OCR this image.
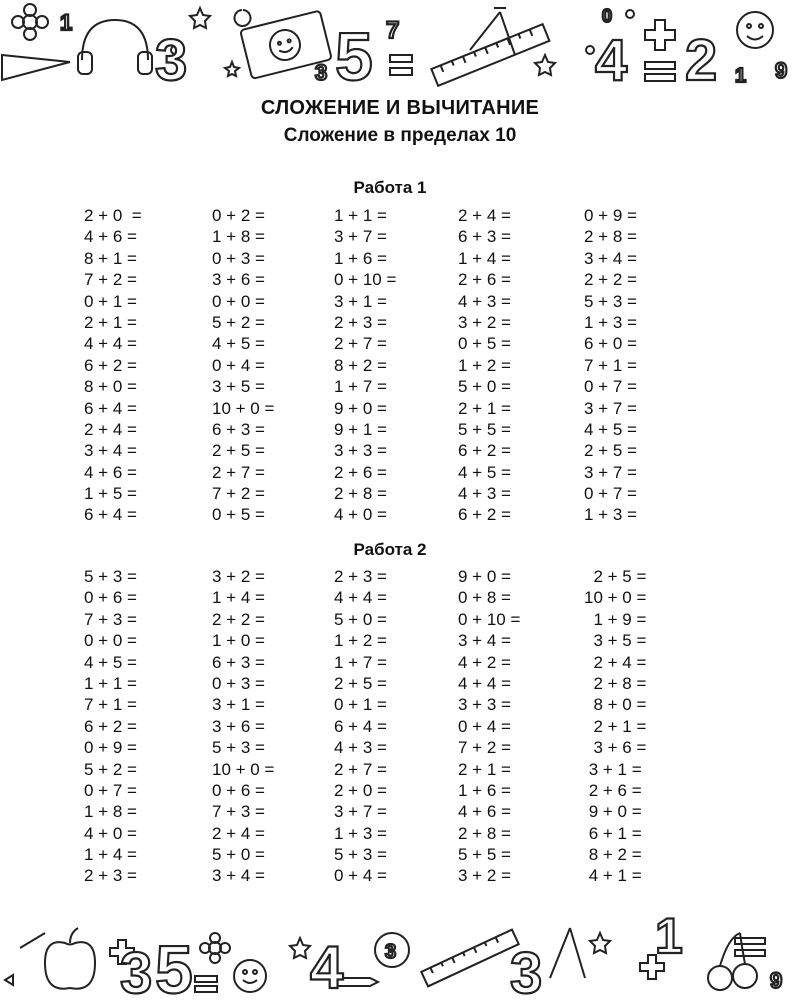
1
3 5 7	4 2
3
0
1 9
СЛОЖЕНИЕ И ВЫЧИТАНИЕ
Сложение в пределах 10
Работа 1
2 + 0  =	0 + 2 =	1 + 1 =	2 + 4 =	0 + 9 =
4 + 6 =	1 + 8 =	3 + 7 =	6 + 3 =	2 + 8 =
8 + 1 =	0 + 3 =	1 + 6 =	1 + 4 =	3 + 4 =
7 + 2 =	3 + 6 =	0 + 10 =	2 + 6 =	2 + 2 =
0 + 1 =	0 + 0 =	3 + 1 =	4 + 3 =	5 + 3 =
2 + 1 =	5 + 2 =	2 + 3 =	3 + 2 =	1 + 3 =
4 + 4 =	4 + 5 =	2 + 7 =	0 + 5 =	6 + 0 =
6 + 2 =	0 + 4 =	8 + 2 =	1 + 2 =	7 + 1 =
8 + 0 =	3 + 5 =	1 + 7 =	5 + 0 =	0 + 7 =
6 + 4 =	10 + 0 =	9 + 0 =	2 + 1 =	3 + 7 =
2 + 4 =	6 + 3 =	9 + 1 =	5 + 5 =	4 + 5 =
3 + 4 =	2 + 5 =	3 + 3 =	6 + 2 =	2 + 5 =
4 + 6 =	2 + 7 =	2 + 6 =	4 + 5 =	3 + 7 =
1 + 5 =	7 + 2 =	2 + 8 =	4 + 3 =	0 + 7 =
6 + 4 =	0 + 5 =	4 + 0 =	6 + 2 =	1 + 3 =
Работа 2
5 + 3 =	3 + 2 =	2 + 3 =	9 + 0 =	2 + 5 =
0 + 6 =	1 + 4 =	4 + 4 =	0 + 8 =	10 + 0 =
7 + 3 =	2 + 2 =	5 + 0 =	0 + 10 =	1 + 9 =
0 + 0 =	1 + 0 =	1 + 2 =	3 + 4 =	3 + 5 =
4 + 5 =	6 + 3 =	1 + 7 =	4 + 2 =	2 + 4 =
1 + 1 =	0 + 3 =	2 + 5 =	4 + 4 =	2 + 8 =
7 + 1 =	3 + 1 =	0 + 1 =	3 + 3 =	8 + 0 =
6 + 2 =	3 + 6 =	6 + 4 =	0 + 4 =	2 + 1 =
0 + 9 =	5 + 3 =	4 + 3 =	7 + 2 =	3 + 6 =
5 + 2 =	10 + 0 =	2 + 7 =	2 + 1 =	3 + 1 =
0 + 7 =	0 + 6 =	2 + 0 =	1 + 6 =	2 + 6 =
1 + 8 =	7 + 3 =	3 + 7 =	4 + 6 =	9 + 0 =
4 + 0 =	2 + 4 =	1 + 3 =	2 + 8 =	6 + 1 =
1 + 4 =	5 + 0 =	5 + 3 =	5 + 5 =	8 + 2 =
2 + 3 =	3 + 4 =	0 + 4 =	3 + 2 =	4 + 1 =
3 5 4 3 3
1
9
